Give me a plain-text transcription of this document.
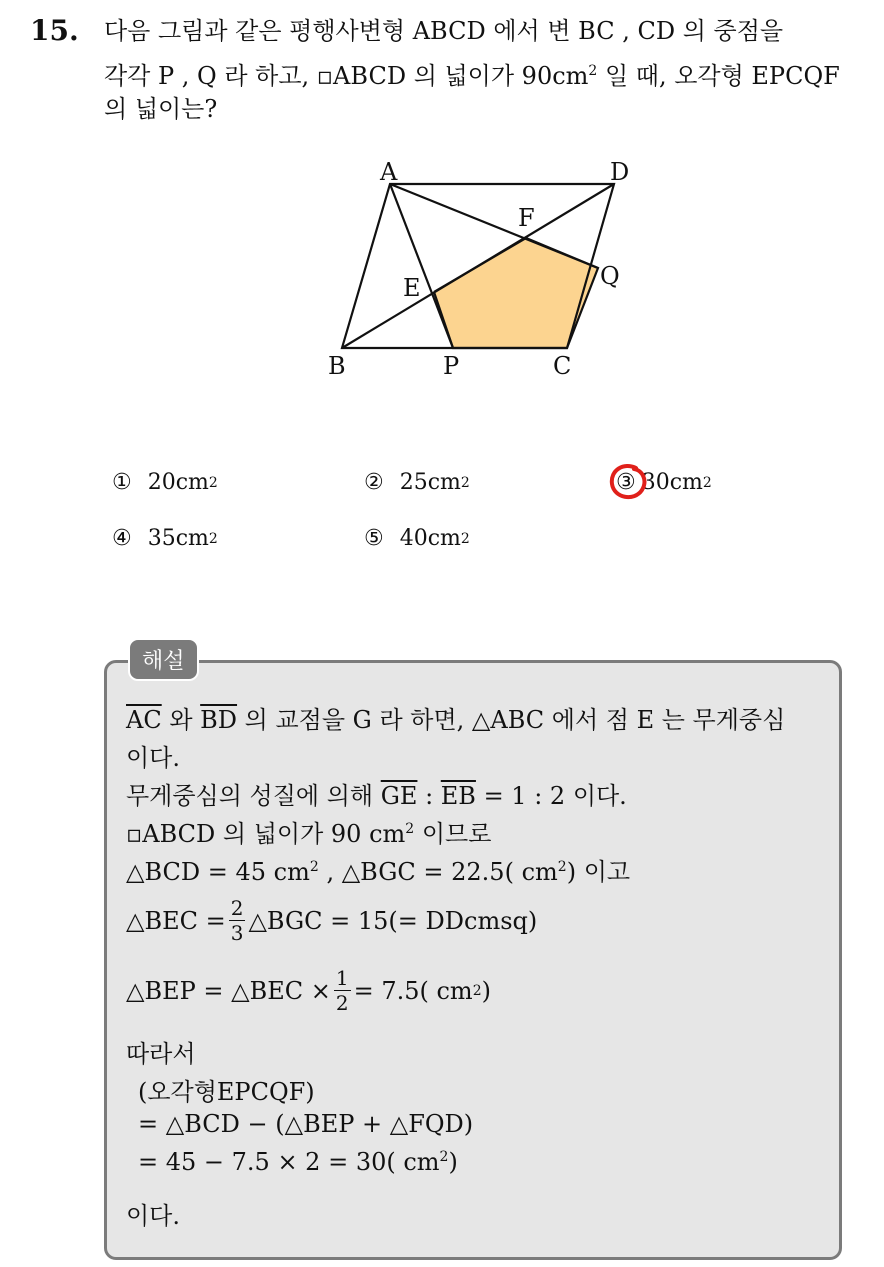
15. 다음 그림과 같은 평행사변형 ABCD 에서 변 BC , CD 의 중점을
각각 P , Q 라 하고, ▫ABCD 의 넓이가 $90cm^2$ 일 때, 오각형 EPCQF
의 넓이는?
A	D
B	P	C
Q
E
F
① 20cm 2	② 25cm 2	③ 30cm 2
④ 35cm 2	⑤ 40cm 2
해설
$\overline{AC}$ 와 $\overline{BD}$ 의 교점을 G 라 하면, △ABC 에서 점 E 는 무게중심
이다.
무게중심의 성질에 의해 $\overline{GE}$ : $\overline{EB} = 1$ : 2 이다.
▫ABCD 의 넓이가 90 $cm^2$ 이므로
△BCD = 45 $cm^2$ , △BGC = 22.5( $cm^2$) 이고
△BEC = $\frac{2}{3}$ △BGC = 15(= DDcmsq)
△BEP = △BEC × $\frac{1}{2} = 7.5$( cm 2 )
따라서
(오각형EPCQF)
= △BCD − (△BEP + △FQD)
= 45 − 7.5 × 2 = 30( $cm^2$)
이다.
